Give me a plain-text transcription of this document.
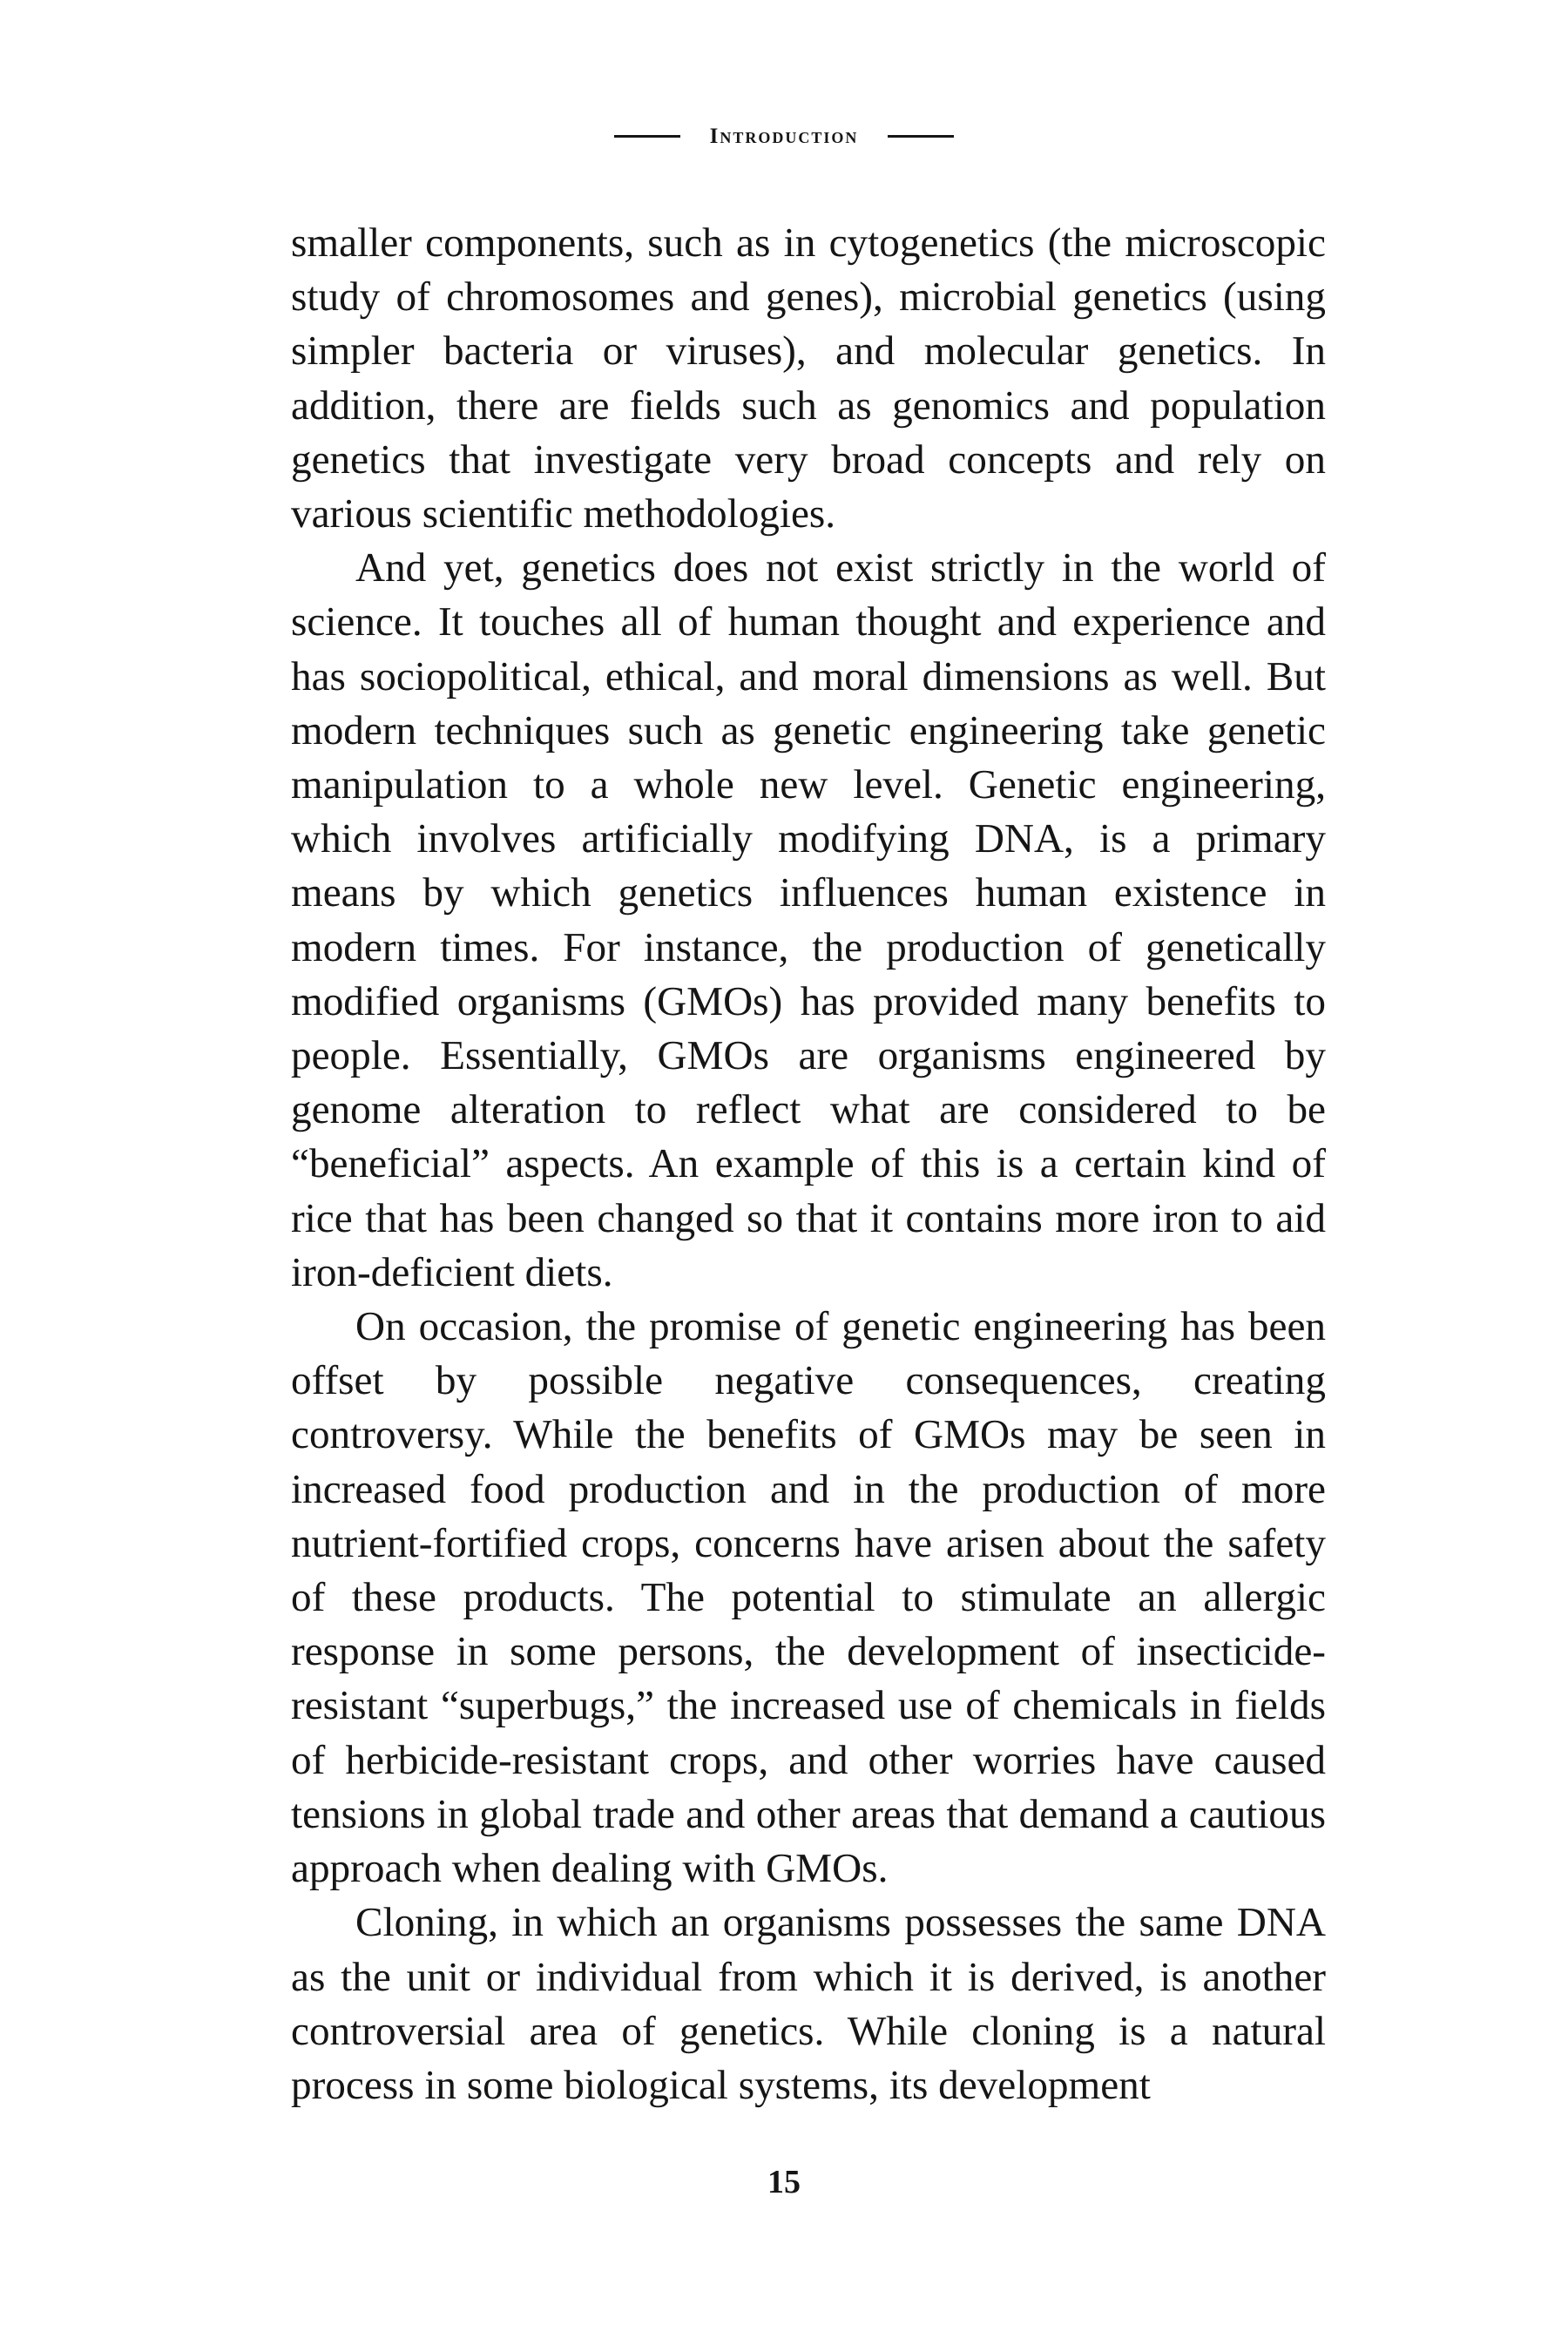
Introduction

smaller components, such as in cytogenetics (the microscopic study of chromosomes and genes), microbial genetics (using simpler bacteria or viruses), and molecular genetics. In addition, there are fields such as genomics and population genetics that investigate very broad concepts and rely on various scientific methodologies.

And yet, genetics does not exist strictly in the world of science. It touches all of human thought and experience and has sociopolitical, ethical, and moral dimensions as well. But modern techniques such as genetic engineering take genetic manipulation to a whole new level. Genetic engineering, which involves artificially modifying DNA, is a primary means by which genetics influences human existence in modern times. For instance, the production of genetically modified organisms (GMOs) has provided many benefits to people. Essentially, GMOs are organisms engineered by genome alteration to reflect what are considered to be “beneficial” aspects. An example of this is a certain kind of rice that has been changed so that it contains more iron to aid iron-deficient diets.

On occasion, the promise of genetic engineering has been offset by possible negative consequences, creating controversy. While the benefits of GMOs may be seen in increased food production and in the production of more nutrient-fortified crops, concerns have arisen about the safety of these products. The potential to stimulate an allergic response in some persons, the development of insecticide-resistant “superbugs,” the increased use of chemicals in fields of herbicide-resistant crops, and other worries have caused tensions in global trade and other areas that demand a cautious approach when dealing with GMOs.

Cloning, in which an organisms possesses the same DNA as the unit or individual from which it is derived, is another controversial area of genetics. While cloning is a natural process in some biological systems, its development

15
